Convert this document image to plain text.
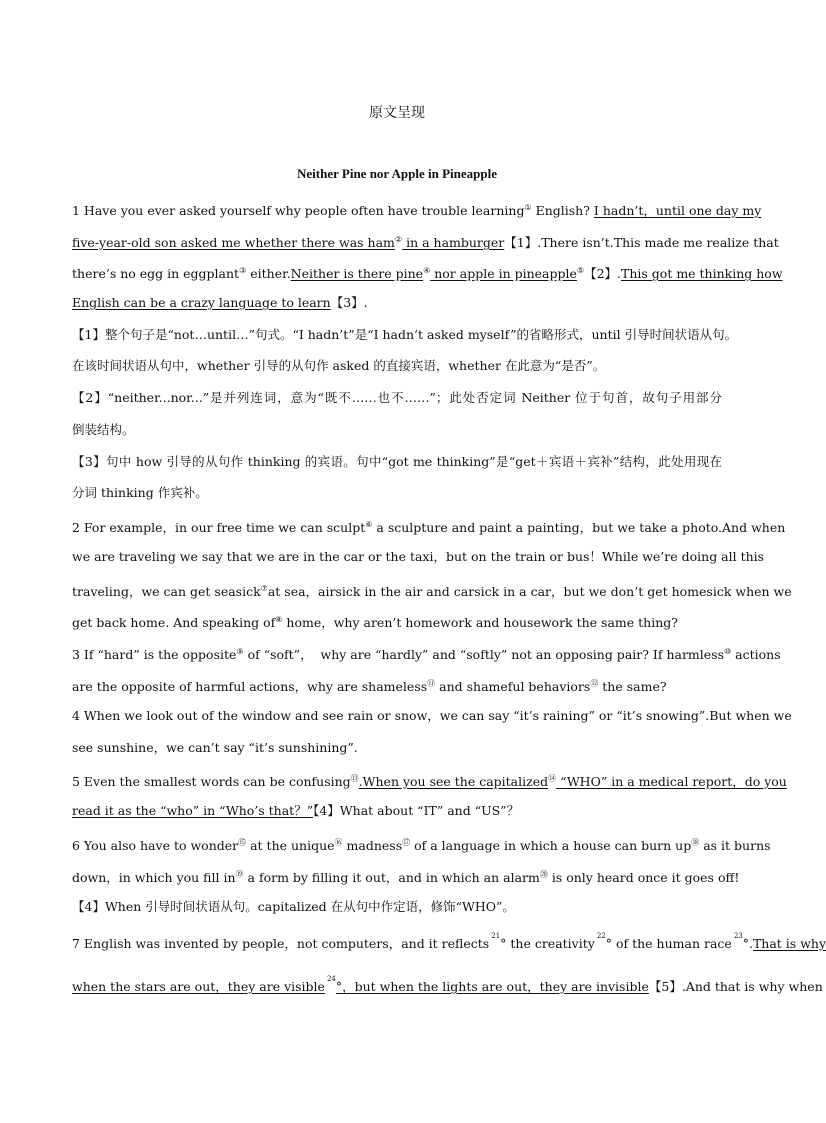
原文呈现
Neither Pine nor Apple in Pineapple
1 Have you ever asked yourself why people often have trouble learning① English? I hadn’t，until one day my
five-year-old son asked me whether there was ham② in a hamburger【1】.There isn’t.This made me realize that
there’s no egg in eggplant③ either.Neither is there pine④ nor apple in pineapple⑤【2】.This got me thinking how
English can be a crazy language to learn【3】.
【1】整个句子是“not…until…”句式。“I hadn’t”是“I hadn’t asked myself”的省略形式，until 引导时间状语从句。
在该时间状语从句中，whether 引导的从句作 asked 的直接宾语，whether 在此意为“是否”。
【2】“neither...nor...”是并列连词，意为“既不……也不……”；此处否定词 Neither 位于句首，故句子用部分
倒装结构。
【3】句中 how 引导的从句作 thinking 的宾语。句中“got me thinking”是“get＋宾语＋宾补”结构，此处用现在
分词 thinking 作宾补。
2 For example，in our free time we can sculpt⑥ a sculpture and paint a painting，but we take a photo.And when
we are traveling we say that we are in the car or the taxi，but on the train or bus！While we’re doing all this
traveling，we can get seasick⑦at sea，airsick in the air and carsick in a car，but we don’t get homesick when we
get back home. And speaking of⑧ home，why aren’t homework and housework the same thing?
3 If “hard” is the opposite⑨ of “soft”，  why are “hardly” and “softly” not an opposing pair? If harmless⑩ actions
are the opposite of harmful actions，why are shameless⑪ and shameful behaviors⑫ the same?
4 When we look out of the window and see rain or snow，we can say “it’s raining” or “it’s snowing”.But when we
see sunshine，we can’t say “it’s sunshining”.
5 Even the smallest words can be confusing⑬.When you see the capitalized⑭ “WHO” in a medical report，do you
read it as the “who” in “Who’s that？”【4】What about “IT” and “US”？
6 You also have to wonder⑮ at the unique⑯ madness⑰ of a language in which a house can burn up⑱ as it burns
down，in which you fill in⑲ a form by filling it out，and in which an alarm⑳ is only heard once it goes off!
【4】When 引导时间状语从句。capitalized 在从句中作定语，修饰“WHO”。
7 English was invented by people，not computers，and it reflects $^{21}$° the creativity $^{22}$° of the human race $^{23}$°.That is why
when the stars are out，they are visible $^{24}$°，but when the lights are out，they are invisible【5】.And that is why when
